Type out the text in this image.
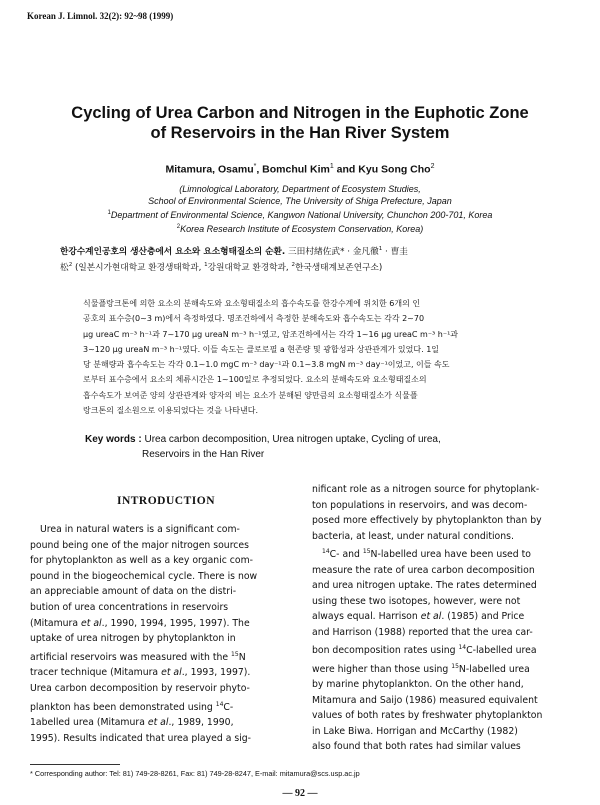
Korean J. Limnol. 32(2): 92~98 (1999)
Cycling of Urea Carbon and Nitrogen in the Euphotic Zone
of Reservoirs in the Han River System
Mitamura, Osamu*, Bomchul Kim$^1$ and Kyu Song Cho$^2$
(Limnological Laboratory, Department of Ecosystem Studies,
School of Environmental Science, The University of Shiga Prefecture, Japan
$^1$Department of Environmental Science, Kangwon National University, Chunchon 200-701, Korea
$^2$Korea Research Institute of Ecosystem Conservation, Korea)
한강수계인공호의 생산층에서 요소와 요소형태질소의 순환. 三田村緖佐武* · 金凡徹$^1$ · 曺圭
松$^2$ (일본시가현대학교 환경생태학과, $^1$강원대학교 환경학과, $^2$한국생태계보존연구소)
식물플랑크톤에 의한 요소의 분해속도와 요소형태질소의 흡수속도를 한강수계에 위치한 6개의 인
공호의 표수층(0~3 m)에서 측정하였다. 명조건하에서 측정한 분해속도와 흡수속도는 각각 2~70
μg ureaC m⁻³ h⁻¹과 7~170 μg ureaN m⁻³ h⁻¹였고, 암조건하에서는 각각 1~16 μg ureaC m⁻³ h⁻¹과
3~120 μg ureaN m⁻³ h⁻¹였다. 이들 속도는 클로로필 a 현존량 및 광합성과 상관관계가 있었다. 1일
당 분해량과 흡수속도는 각각 0.1~1.0 mgC m⁻³ day⁻¹과 0.1~3.8 mgN m⁻³ day⁻¹이었고, 이들 속도
로부터 표수층에서 요소의 체류시간은 1~100일로 추정되었다. 요소의 분해속도와 요소형태질소의
흡수속도가 보여준 양의 상관관계와 양자의 비는 요소가 분해된 양만큼의 요소형태질소가 식물플
랑크톤의 질소원으로 이용되었다는 것을 나타낸다.
Key words : Urea carbon decomposition, Urea nitrogen uptake, Cycling of urea,
Reservoirs in the Han River
INTRODUCTION
Urea in natural waters is a significant com-
pound being one of the major nitrogen sources
for phytoplankton as well as a key organic com-
pound in the biogeochemical cycle. There is now
an appreciable amount of data on the distri-
bution of urea concentrations in reservoirs
(Mitamura et al., 1990, 1994, 1995, 1997). The
uptake of urea nitrogen by phytoplankton in
artificial reservoirs was measured with the $^{15}$N
tracer technique (Mitamura et al., 1993, 1997).
Urea carbon decomposition by reservoir phyto-
plankton has been demonstrated using $^{14}$C-
1abelled urea (Mitamura et al., 1989, 1990,
1995). Results indicated that urea played a sig-
nificant role as a nitrogen source for phytoplank-
ton populations in reservoirs, and was decom-
posed more effectively by phytoplankton than by
bacteria, at least, under natural conditions.
$^{14}$C- and $^{15}$N-labelled urea have been used to
measure the rate of urea carbon decomposition
and urea nitrogen uptake. The rates determined
using these two isotopes, however, were not
always equal. Harrison et al. (1985) and Price
and Harrison (1988) reported that the urea car-
bon decomposition rates using $^{14}$C-labelled urea
were higher than those using $^{15}$N-labelled urea
by marine phytoplankton. On the other hand,
Mitamura and Saijo (1986) measured equivalent
values of both rates by freshwater phytoplankton
in Lake Biwa. Horrigan and McCarthy (1982)
also found that both rates had similar values
* Corresponding author: Tel: 81) 749-28-8261, Fax: 81) 749-28-8247, E-mail: mitamura@scs.usp.ac.jp
— 92 —
